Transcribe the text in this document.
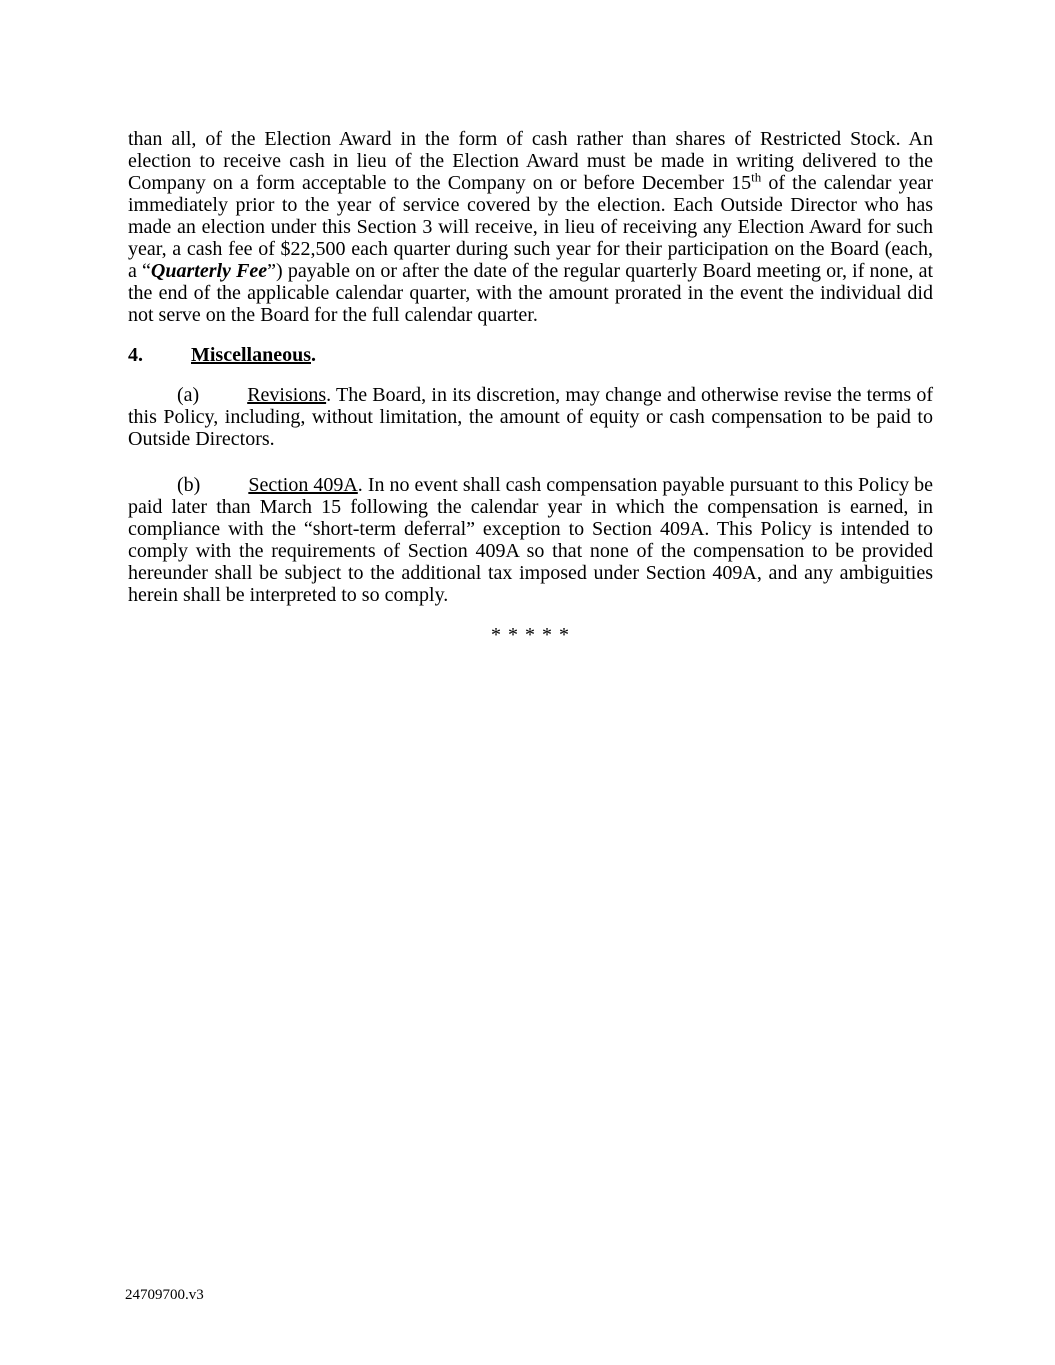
than all, of the Election Award in the form of cash rather than shares of Restricted Stock. An election to receive cash in lieu of the Election Award must be made in writing delivered to the Company on a form acceptable to the Company on or before December 15th of the calendar year immediately prior to the year of service covered by the election. Each Outside Director who has made an election under this Section 3 will receive, in lieu of receiving any Election Award for such year, a cash fee of $22,500 each quarter during such year for their participation on the Board (each, a “Quarterly Fee”) payable on or after the date of the regular quarterly Board meeting or, if none, at the end of the applicable calendar quarter, with the amount prorated in the event the individual did not serve on the Board for the full calendar quarter.

4. Miscellaneous.

(a) Revisions. The Board, in its discretion, may change and otherwise revise the terms of this Policy, including, without limitation, the amount of equity or cash compensation to be paid to Outside Directors.

(b) Section 409A. In no event shall cash compensation payable pursuant to this Policy be paid later than March 15 following the calendar year in which the compensation is earned, in compliance with the “short-term deferral” exception to Section 409A. This Policy is intended to comply with the requirements of Section 409A so that none of the compensation to be provided hereunder shall be subject to the additional tax imposed under Section 409A, and any ambiguities herein shall be interpreted to so comply.

* * * * *

24709700.v3
